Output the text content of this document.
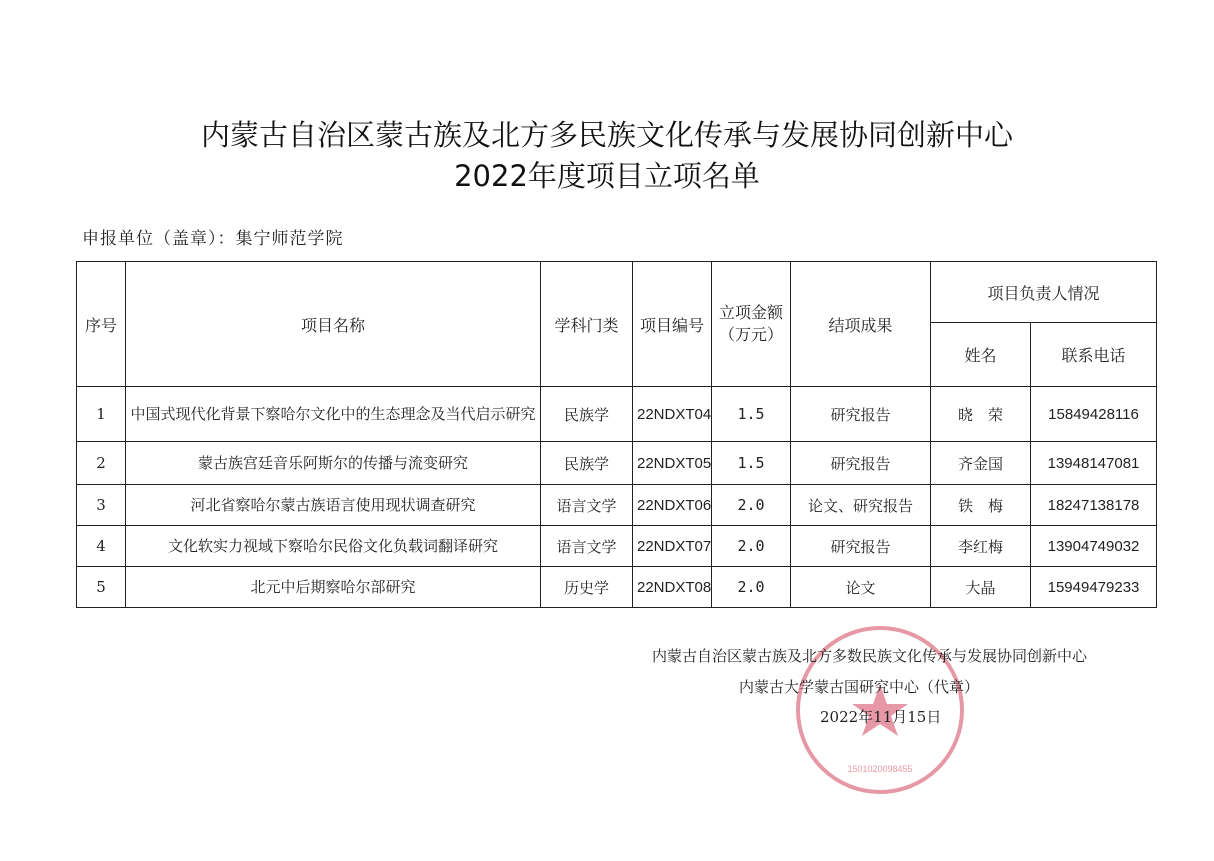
内蒙古自治区蒙古族及北方多民族文化传承与发展协同创新中心
2022年度项目立项名单
申报单位（盖章）：集宁师范学院
序号	项目名称	学科门类	项目编号	立项金额（万元）	结项成果	项目负责人情况	
						姓名	联系电话
1	中国式现代化背景下察哈尔文化中的生态理念及当代启示研究	民族学	22NDXT04	1.5	研究报告	晓　荣	15849428116
2	蒙古族宫廷音乐阿斯尔的传播与流变研究	民族学	22NDXT05	1.5	研究报告	齐金国	13948147081
3	河北省察哈尔蒙古族语言使用现状调查研究	语言文学	22NDXT06	2.0	论文、研究报告	铁　梅	18247138178
4	文化软实力视域下察哈尔民俗文化负载词翻译研究	语言文学	22NDXT07	2.0	研究报告	李红梅	13904749032
5	北元中后期察哈尔部研究	历史学	22NDXT08	2.0	论文	大晶	15949479233
1501020098455
内蒙古自治区蒙古族及北方多数民族文化传承与发展协同创新中心
内蒙古大学蒙古国研究中心（代章）
2022年11月15日
